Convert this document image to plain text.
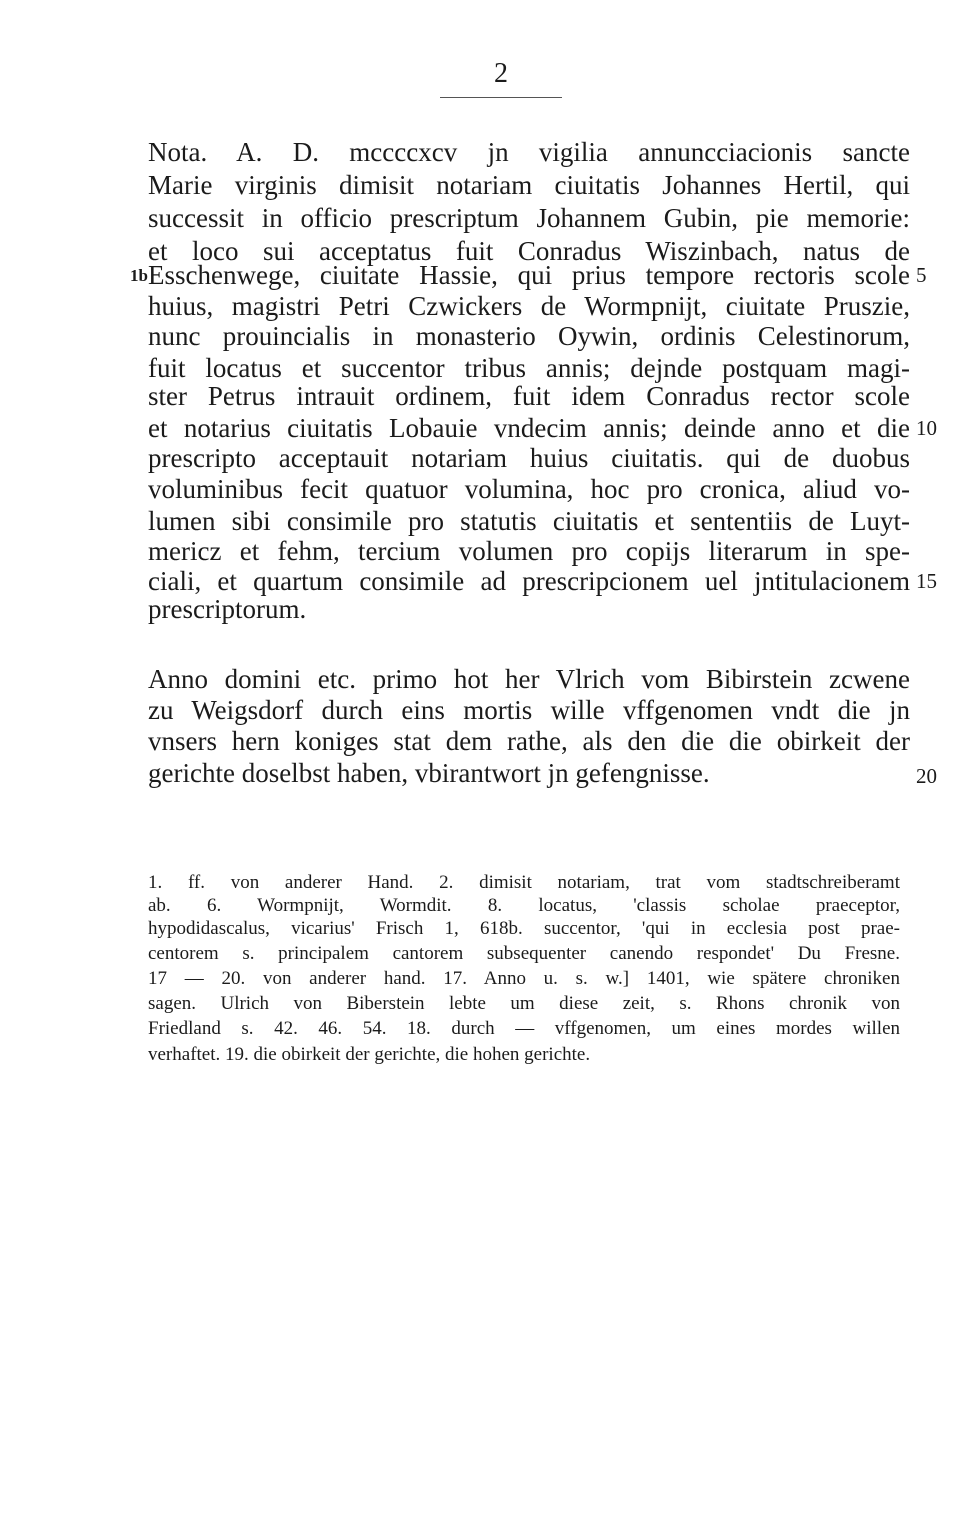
2
Nota. A. D. mccccxcv jn vigilia annuncciacionis sancte
Marie virginis dimisit notariam ciuitatis Johannes Hertil, qui
successit in officio prescriptum Johannem Gubin, pie memorie:
et loco sui acceptatus fuit Conradus Wiszinbach, natus de
Esschenwege, ciuitate Hassie, qui prius tempore rectoris scole
huius, magistri Petri Czwickers de Wormpnijt, ciuitate Pruszie,
nunc prouincialis in monasterio Oywin, ordinis Celestinorum,
fuit locatus et succentor tribus annis; dejnde postquam magi-
ster Petrus intrauit ordinem, fuit idem Conradus rector scole
et notarius ciuitatis Lobauie vndecim annis; deinde anno et die
prescripto acceptauit notariam huius ciuitatis. qui de duobus
voluminibus fecit quatuor volumina, hoc pro cronica, aliud vo-
lumen sibi consimile pro statutis ciuitatis et sententiis de Luyt-
mericz et fehm, tercium volumen pro copijs literarum in spe-
ciali, et quartum consimile ad prescripcionem uel jntitulacionem
prescriptorum.
Anno domini etc. primo hot her Vlrich vom Bibirstein zcwene
zu Weigsdorf durch eins mortis wille vffgenomen vndt die jn
vnsers hern koniges stat dem rathe, als den die die obirkeit der
gerichte doselbst haben, vbirantwort jn gefengnisse.
1b	5
10
15
20
1. ff. von anderer Hand. 2. dimisit notariam, trat vom stadtschreiberamt
ab. 6. Wormpnijt, Wormdit. 8. locatus, 'classis scholae praeceptor,
hypodidascalus, vicarius' Frisch 1, 618b. succentor, 'qui in ecclesia post prae-
centorem s. principalem cantorem subsequenter canendo respondet' Du Fresne.
17 — 20. von anderer hand. 17. Anno u. s. w.] 1401, wie spätere chroniken
sagen. Ulrich von Biberstein lebte um diese zeit, s. Rhons chronik von
Friedland s. 42. 46. 54. 18. durch — vffgenomen, um eines mordes willen
verhaftet. 19. die obirkeit der gerichte, die hohen gerichte.
